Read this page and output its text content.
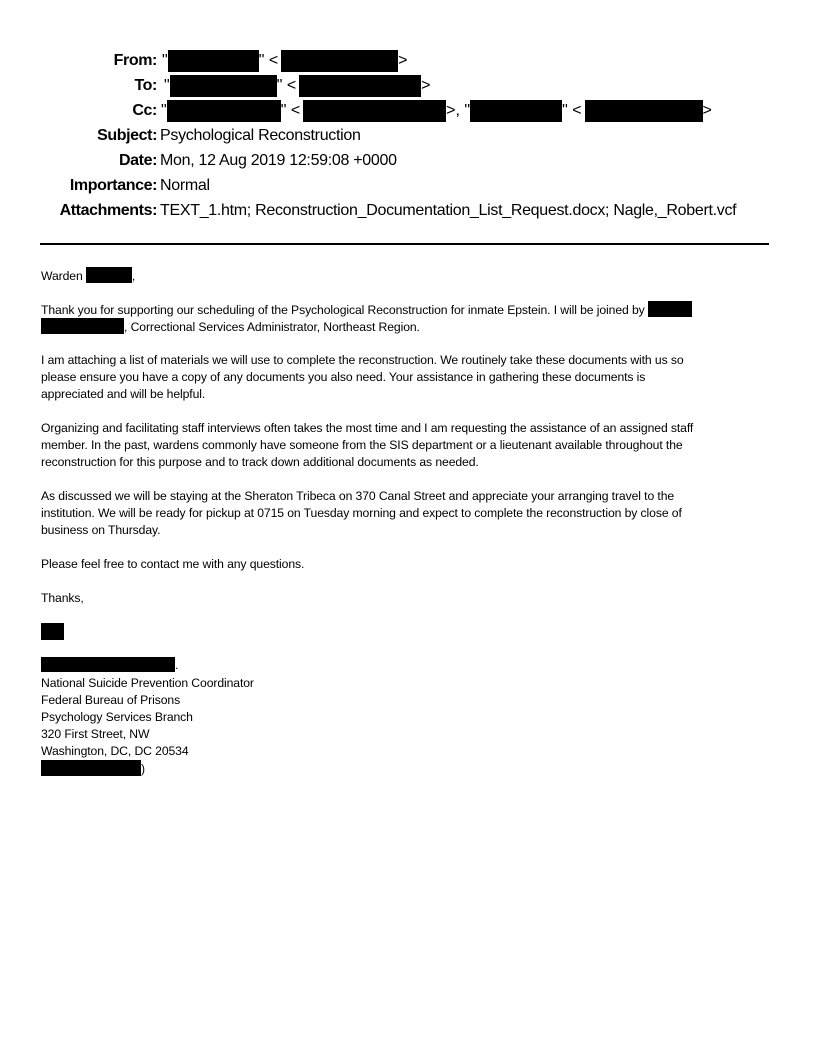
From: "	" <	>
To: "	" <	>
Cc: "	" <	>, "	" <	>
Subject: Psychological Reconstruction
Date: Mon, 12 Aug 2019 12:59:08 +0000
Importance: Normal
Attachments: TEXT_1.htm; Reconstruction_Documentation_List_Request.docx; Nagle,_Robert.vcf
Warden	,
Thank you for supporting our scheduling of the Psychological Reconstruction for inmate Epstein. I will be joined by
, Correctional Services Administrator, Northeast Region.
I am attaching a list of materials we will use to complete the reconstruction. We routinely take these documents with us so
please ensure you have a copy of any documents you also need. Your assistance in gathering these documents is
appreciated and will be helpful.
Organizing and facilitating staff interviews often takes the most time and I am requesting the assistance of an assigned staff
member. In the past, wardens commonly have someone from the SIS department or a lieutenant available throughout the
reconstruction for this purpose and to track down additional documents as needed.
As discussed we will be staying at the Sheraton Tribeca on 370 Canal Street and appreciate your arranging travel to the
institution. We will be ready for pickup at 0715 on Tuesday morning and expect to complete the reconstruction by close of
business on Thursday.
Please feel free to contact me with any questions.
Thanks,
.
National Suicide Prevention Coordinator
Federal Bureau of Prisons
Psychology Services Branch
320 First Street, NW
Washington, DC, DC 20534
)
